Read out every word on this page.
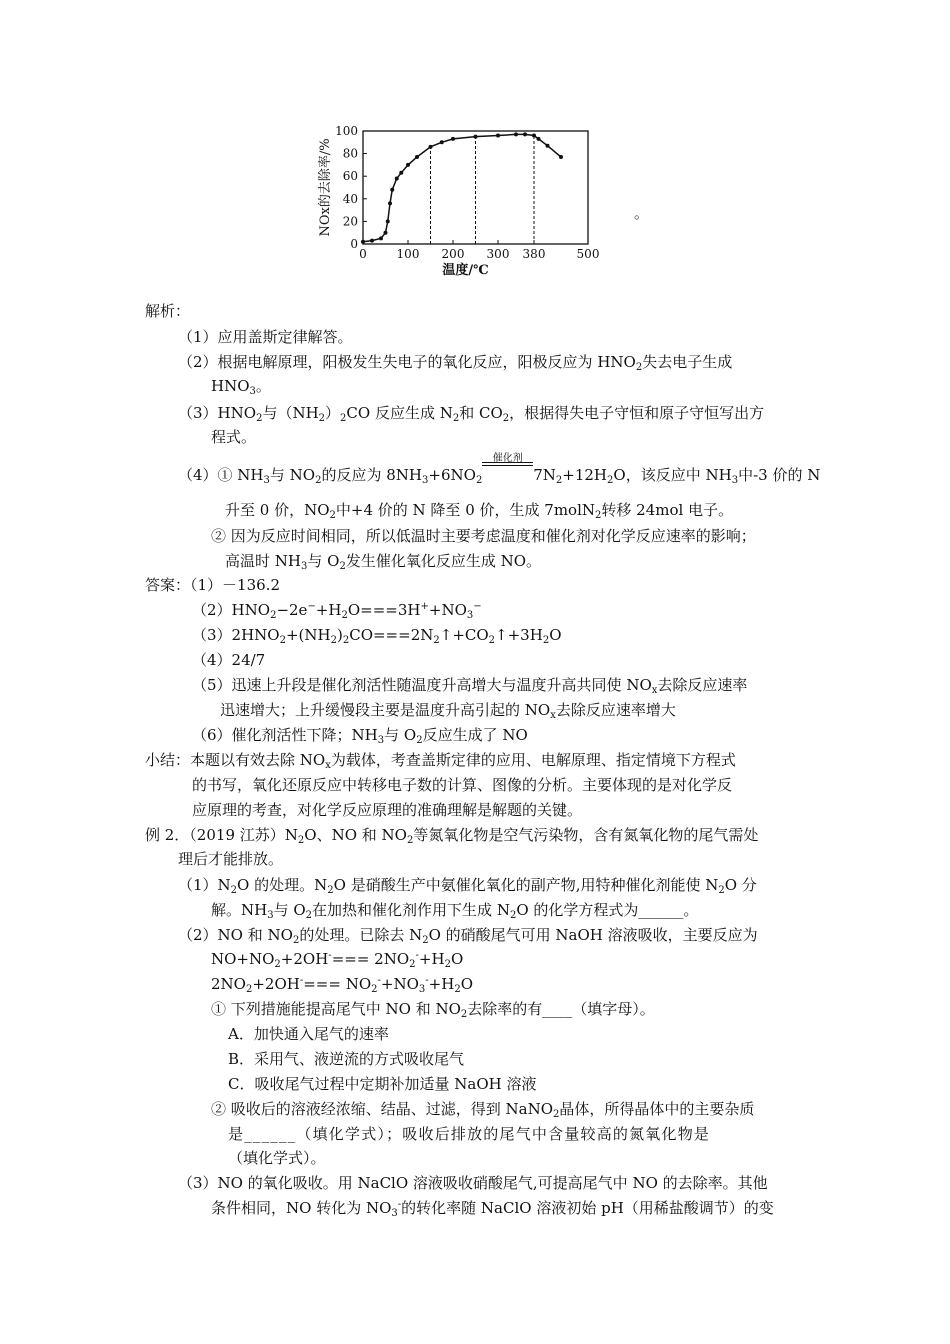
0
20
40
60
80
100
0 100 200 300 380	500
温度/℃
NOx的去除率/%	。
解析：
（1）应用盖斯定律解答。
（2）根据电解原理，阳极发生失电子的氧化反应，阳极反应为 $HNO_2$失去电子生成
$HNO_3$。
$(3)HNO_2$与$(NH_2)_2CO$ 反应生成 $N_2$和 $CO_2$，根据得失电子守恒和原子守恒写出方
程式。
（4）① $NH_3$与 $NO_2$的反应为 $8NH_3+6NO_2$
催化剂
$7N_2+12H_2O$，该反应中 $NH_3$中-3 价的 N
升至 0 价，$NO_2$中+4 价的 N 降至 0 价，生成 7molN$_2$转移 24mol 电子。
② 因为反应时间相同，所以低温时主要考虑温度和催化剂对化学反应速率的影响；
高温时 $NH_3$与 $O_2$发生催化氧化反应生成 NO。
答案：（1）－136.2
$(2)HNO_2-2e^-+H_2O===3H^++NO_3^-$
$(3)2HNO_2+(NH_2)_2CO===2N_2↑+CO_2↑+3H_2O$
（4）24/7
（5）迅速上升段是催化剂活性随温度升高增大与温度升高共同使 $NO_x$去除反应速率
迅速增大；上升缓慢段主要是温度升高引起的 $NO_x$去除反应速率增大
（6）催化剂活性下降；$NH_3$与 $O_2$反应生成了 NO
小结：本题以有效去除 $NO_x$为载体，考查盖斯定律的应用、电解原理、指定情境下方程式
的书写，氧化还原反应中转移电子数的计算、图像的分析。主要体现的是对化学反
应原理的考查，对化学反应原理的准确理解是解题的关键。
例 2．（2019 江苏）$N_2O$、NO 和 $NO_2$等氮氧化物是空气污染物，含有氮氧化物的尾气需处
理后才能排放。
$(1)N_2O$ 的处理。$N_2O$ 是硝酸生产中氨催化氧化的副产物,用特种催化剂能使 $N_2O$ 分
解。$NH_3$与 $O_2$在加热和催化剂作用下生成 $N_2O$ 的化学方程式为______。
（2）NO 和 $NO_2$的处理。已除去 $N_2O$ 的硝酸尾气可用 NaOH 溶液吸收，主要反应为
$NO+NO_2+2OH^-=== 2NO_2^-+H_2O$
$2NO_2+2OH^-=== NO_2^-+NO_3^-+H_2O$
① 下列措施能提高尾气中 NO 和 $NO_2$去除率的有____（填字母）。
A．加快通入尾气的速率
B．采用气、液逆流的方式吸收尾气
C．吸收尾气过程中定期补加适量 NaOH 溶液
② 吸收后的溶液经浓缩、结晶、过滤，得到 NaNO$_2$晶体，所得晶体中的主要杂质
是______（填化学式）；吸收后排放的尾气中含量较高的氮氧化物是
（填化学式）。
（3）NO 的氧化吸收。用 NaClO 溶液吸收硝酸尾气,可提高尾气中 NO 的去除率。其他
条件相同，NO 转化为 $NO_3^-$的转化率随 NaClO 溶液初始 pH（用稀盐酸调节）的变
